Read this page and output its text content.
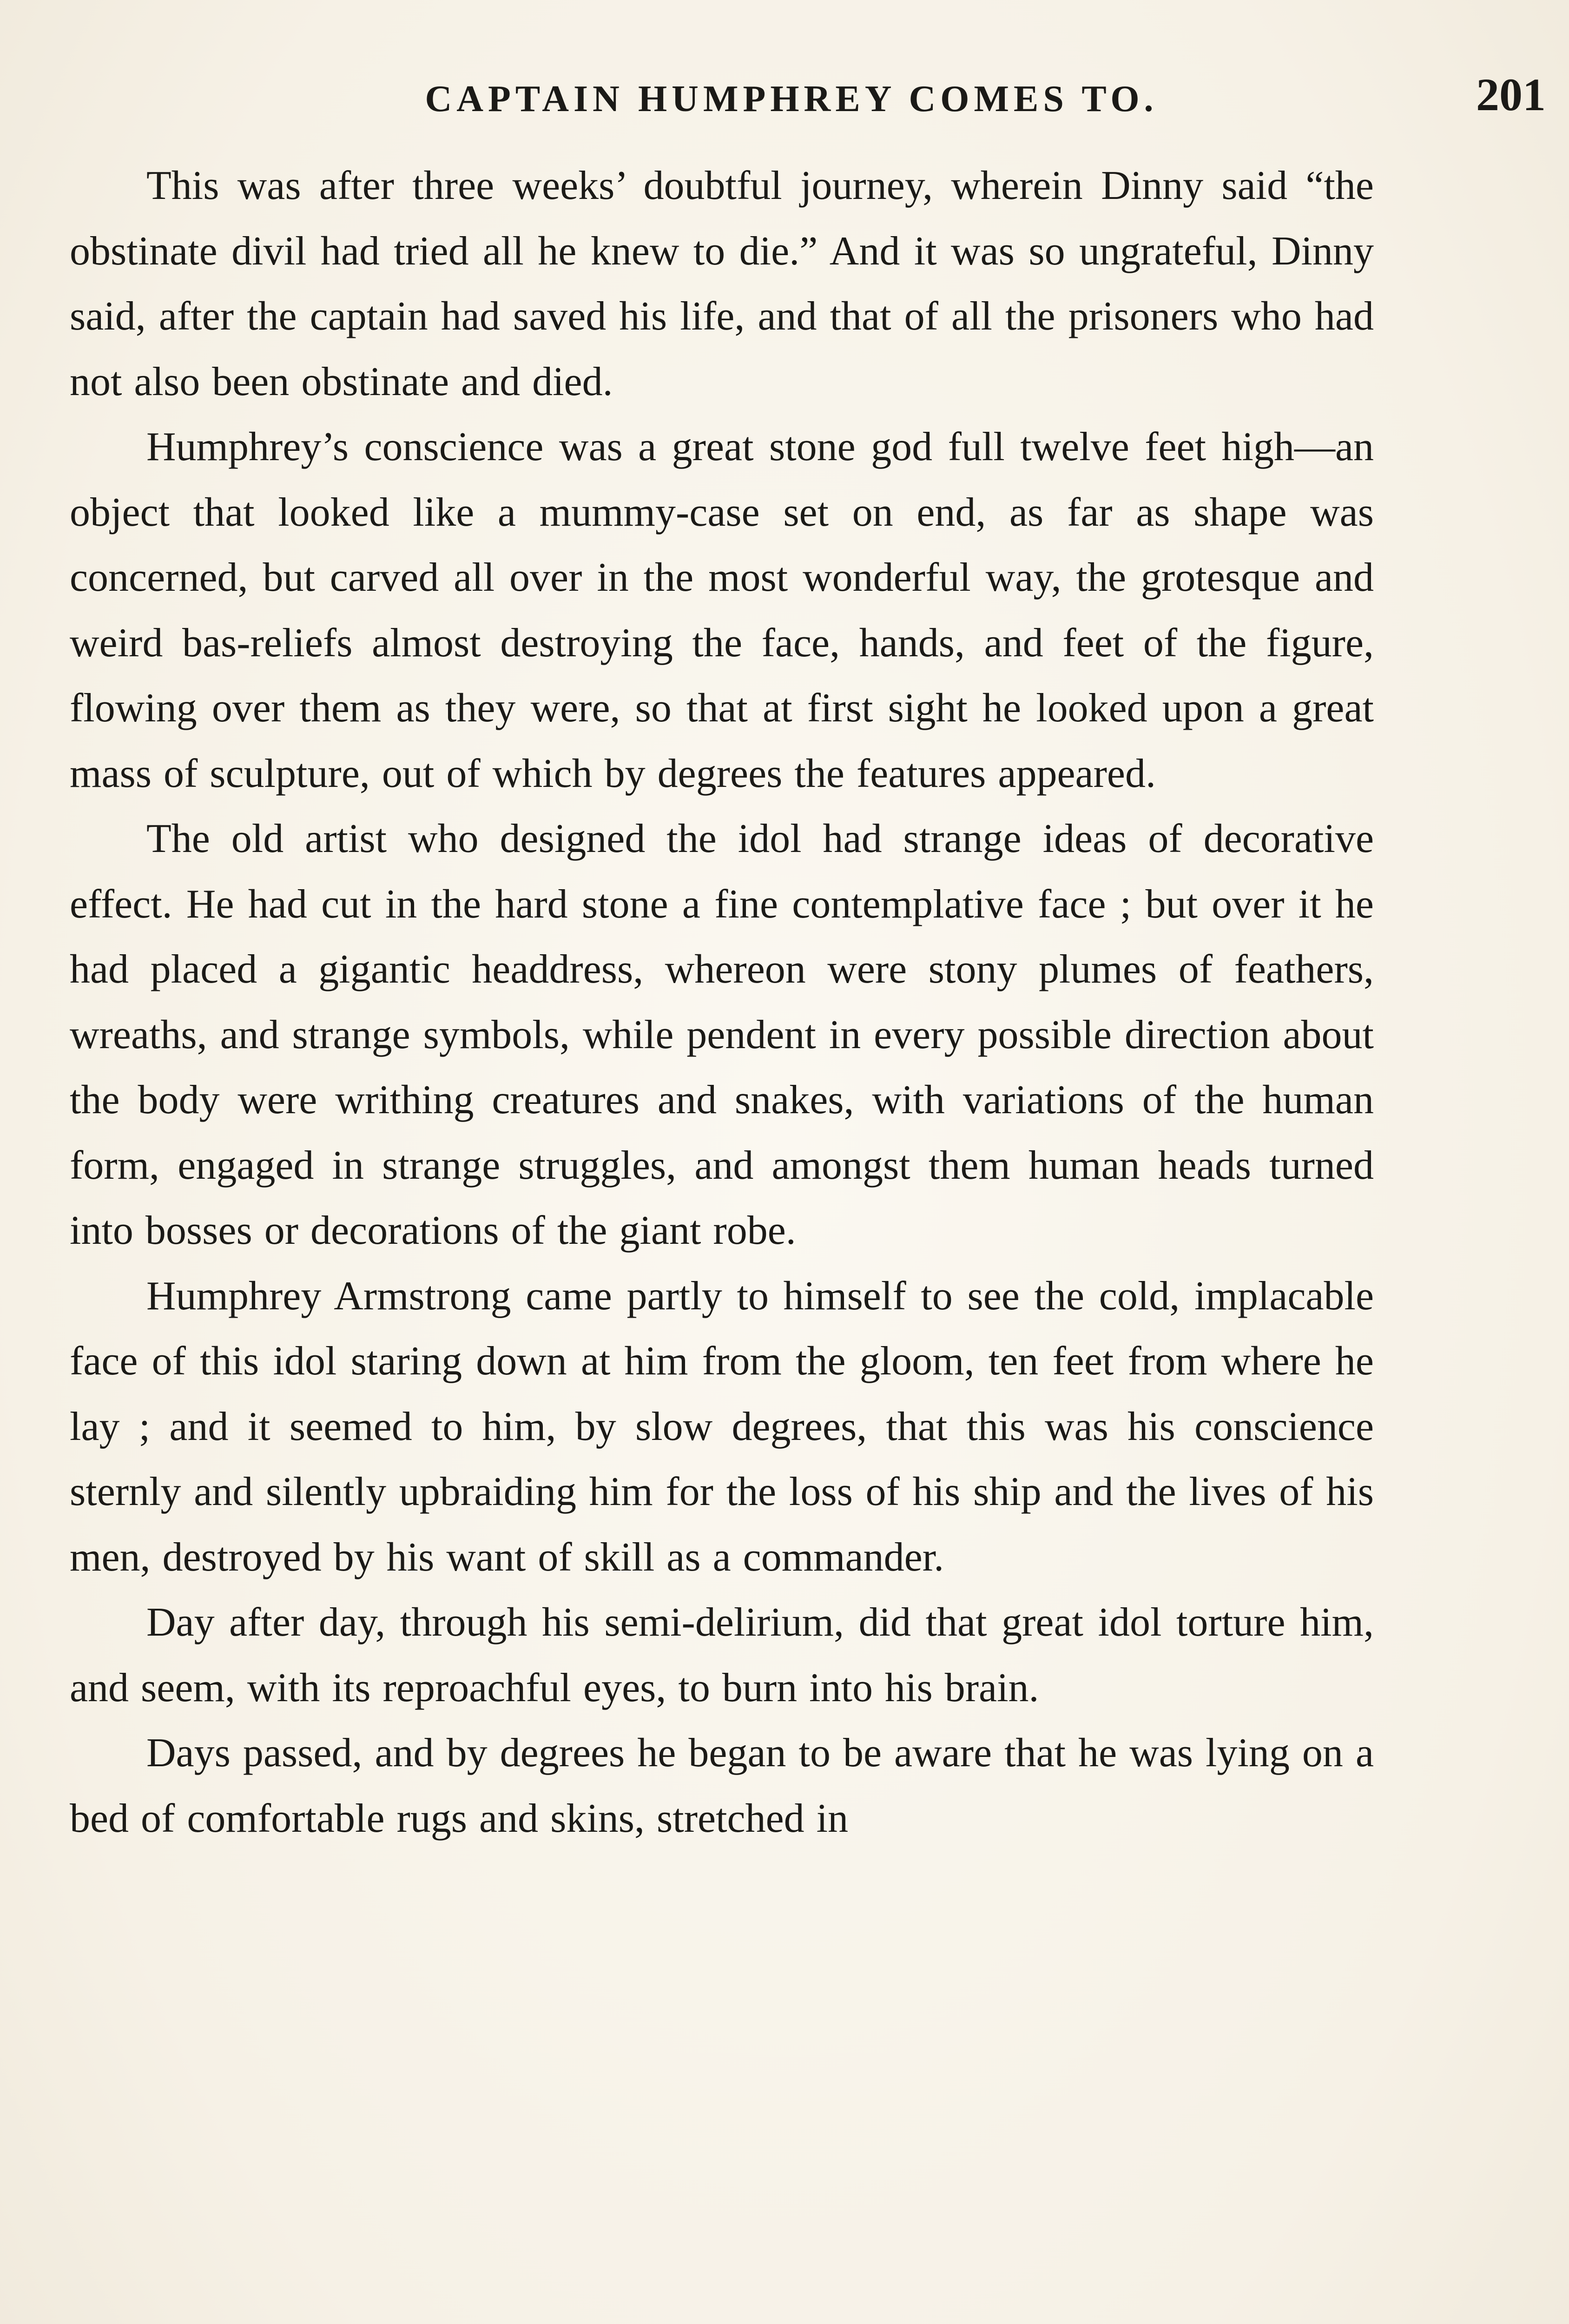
CAPTAIN HUMPHREY COMES TO.	201

This was after three weeks’ doubtful journey, wherein Dinny said “the obstinate divil had tried all he knew to die.” And it was so ungrateful, Dinny said, after the captain had saved his life, and that of all the prisoners who had not also been obstinate and died.

Humphrey’s conscience was a great stone god full twelve feet high—an object that looked like a mummy-case set on end, as far as shape was concerned, but carved all over in the most wonderful way, the grotesque and weird bas-reliefs almost destroying the face, hands, and feet of the figure, flowing over them as they were, so that at first sight he looked upon a great mass of sculpture, out of which by degrees the features appeared.

The old artist who designed the idol had strange ideas of decorative effect. He had cut in the hard stone a fine contemplative face ; but over it he had placed a gigantic headdress, whereon were stony plumes of feathers, wreaths, and strange symbols, while pendent in every possible direction about the body were writhing creatures and snakes, with variations of the human form, engaged in strange struggles, and amongst them human heads turned into bosses or decorations of the giant robe.

Humphrey Armstrong came partly to himself to see the cold, implacable face of this idol staring down at him from the gloom, ten feet from where he lay ; and it seemed to him, by slow degrees, that this was his conscience sternly and silently upbraiding him for the loss of his ship and the lives of his men, destroyed by his want of skill as a commander.

Day after day, through his semi-delirium, did that great idol torture him, and seem, with its reproachful eyes, to burn into his brain.

Days passed, and by degrees he began to be aware that he was lying on a bed of comfortable rugs and skins, stretched in
